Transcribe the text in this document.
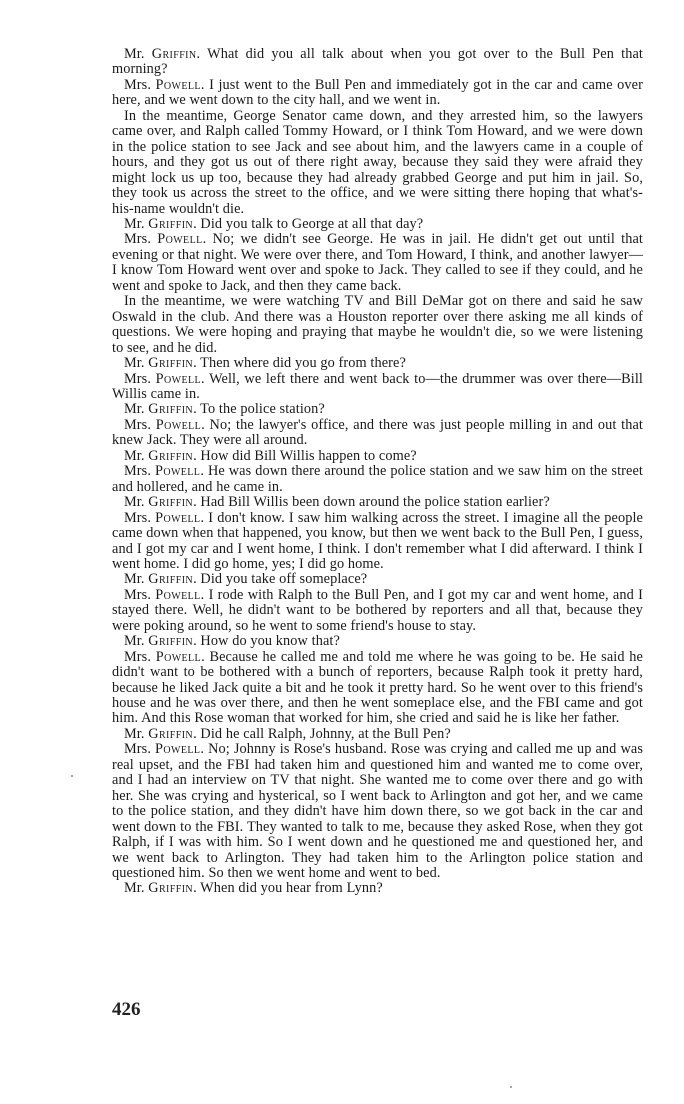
Mr. Griffin. What did you all talk about when you got over to the Bull Pen that morning?

Mrs. Powell. I just went to the Bull Pen and immediately got in the car and came over here, and we went down to the city hall, and we went in.

In the meantime, George Senator came down, and they arrested him, so the lawyers came over, and Ralph called Tommy Howard, or I think Tom Howard, and we were down in the police station to see Jack and see about him, and the lawyers came in a couple of hours, and they got us out of there right away, because they said they were afraid they might lock us up too, because they had already grabbed George and put him in jail. So, they took us across the street to the office, and we were sitting there hoping that what's-his-name wouldn't die.

Mr. Griffin. Did you talk to George at all that day?

Mrs. Powell. No; we didn't see George. He was in jail. He didn't get out until that evening or that night. We were over there, and Tom Howard, I think, and another lawyer—I know Tom Howard went over and spoke to Jack. They called to see if they could, and he went and spoke to Jack, and then they came back.

In the meantime, we were watching TV and Bill DeMar got on there and said he saw Oswald in the club. And there was a Houston reporter over there asking me all kinds of questions. We were hoping and praying that maybe he wouldn't die, so we were listening to see, and he did.

Mr. Griffin. Then where did you go from there?

Mrs. Powell. Well, we left there and went back to—the drummer was over there—Bill Willis came in.

Mr. Griffin. To the police station?

Mrs. Powell. No; the lawyer's office, and there was just people milling in and out that knew Jack. They were all around.

Mr. Griffin. How did Bill Willis happen to come?

Mrs. Powell. He was down there around the police station and we saw him on the street and hollered, and he came in.

Mr. Griffin. Had Bill Willis been down around the police station earlier?

Mrs. Powell. I don't know. I saw him walking across the street. I imagine all the people came down when that happened, you know, but then we went back to the Bull Pen, I guess, and I got my car and I went home, I think. I don't remember what I did afterward. I think I went home. I did go home, yes; I did go home.

Mr. Griffin. Did you take off someplace?

Mrs. Powell. I rode with Ralph to the Bull Pen, and I got my car and went home, and I stayed there. Well, he didn't want to be bothered by reporters and all that, because they were poking around, so he went to some friend's house to stay.

Mr. Griffin. How do you know that?

Mrs. Powell. Because he called me and told me where he was going to be. He said he didn't want to be bothered with a bunch of reporters, because Ralph took it pretty hard, because he liked Jack quite a bit and he took it pretty hard. So he went over to this friend's house and he was over there, and then he went someplace else, and the FBI came and got him. And this Rose woman that worked for him, she cried and said he is like her father.

Mr. Griffin. Did he call Ralph, Johnny, at the Bull Pen?

Mrs. Powell. No; Johnny is Rose's husband. Rose was crying and called me up and was real upset, and the FBI had taken him and questioned him and wanted me to come over, and I had an interview on TV that night. She wanted me to come over there and go with her. She was crying and hysterical, so I went back to Arlington and got her, and we came to the police station, and they didn't have him down there, so we got back in the car and went down to the FBI. They wanted to talk to me, because they asked Rose, when they got Ralph, if I was with him. So I went down and he questioned me and questioned her, and we went back to Arlington. They had taken him to the Arlington police station and questioned him. So then we went home and went to bed.

Mr. Griffin. When did you hear from Lynn?

426
